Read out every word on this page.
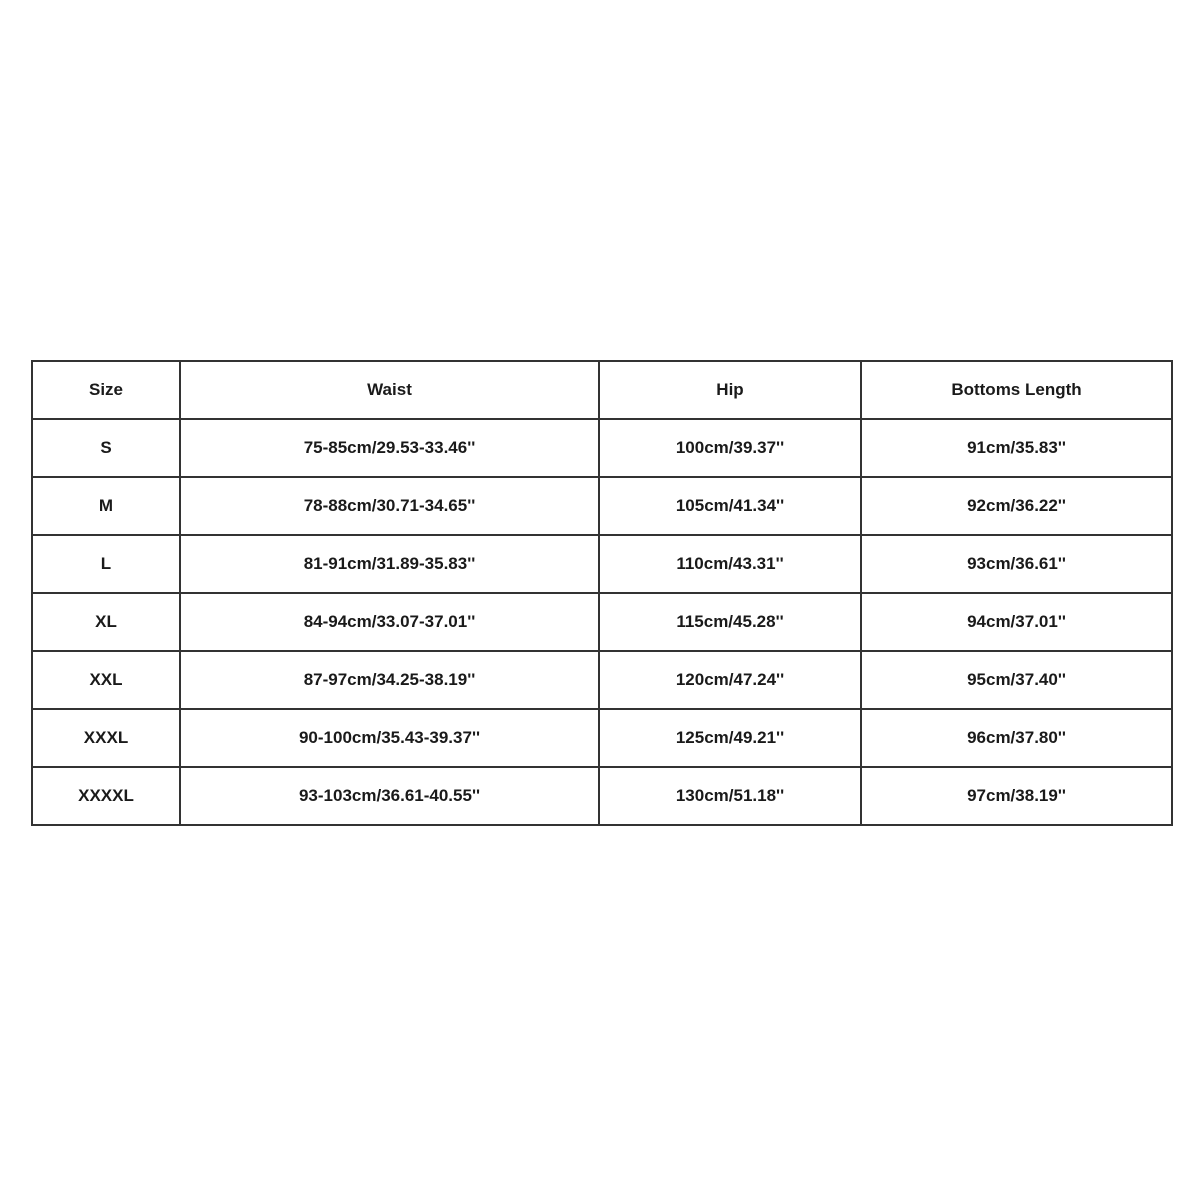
Size	Waist	Hip	Bottoms Length
S	75-85cm/29.53-33.46''	100cm/39.37''	91cm/35.83''
M	78-88cm/30.71-34.65''	105cm/41.34''	92cm/36.22''
L	81-91cm/31.89-35.83''	110cm/43.31''	93cm/36.61''
XL	84-94cm/33.07-37.01''	115cm/45.28''	94cm/37.01''
XXL	87-97cm/34.25-38.19''	120cm/47.24''	95cm/37.40''
XXXL	90-100cm/35.43-39.37''	125cm/49.21''	96cm/37.80''
XXXXL	93-103cm/36.61-40.55''	130cm/51.18''	97cm/38.19''
